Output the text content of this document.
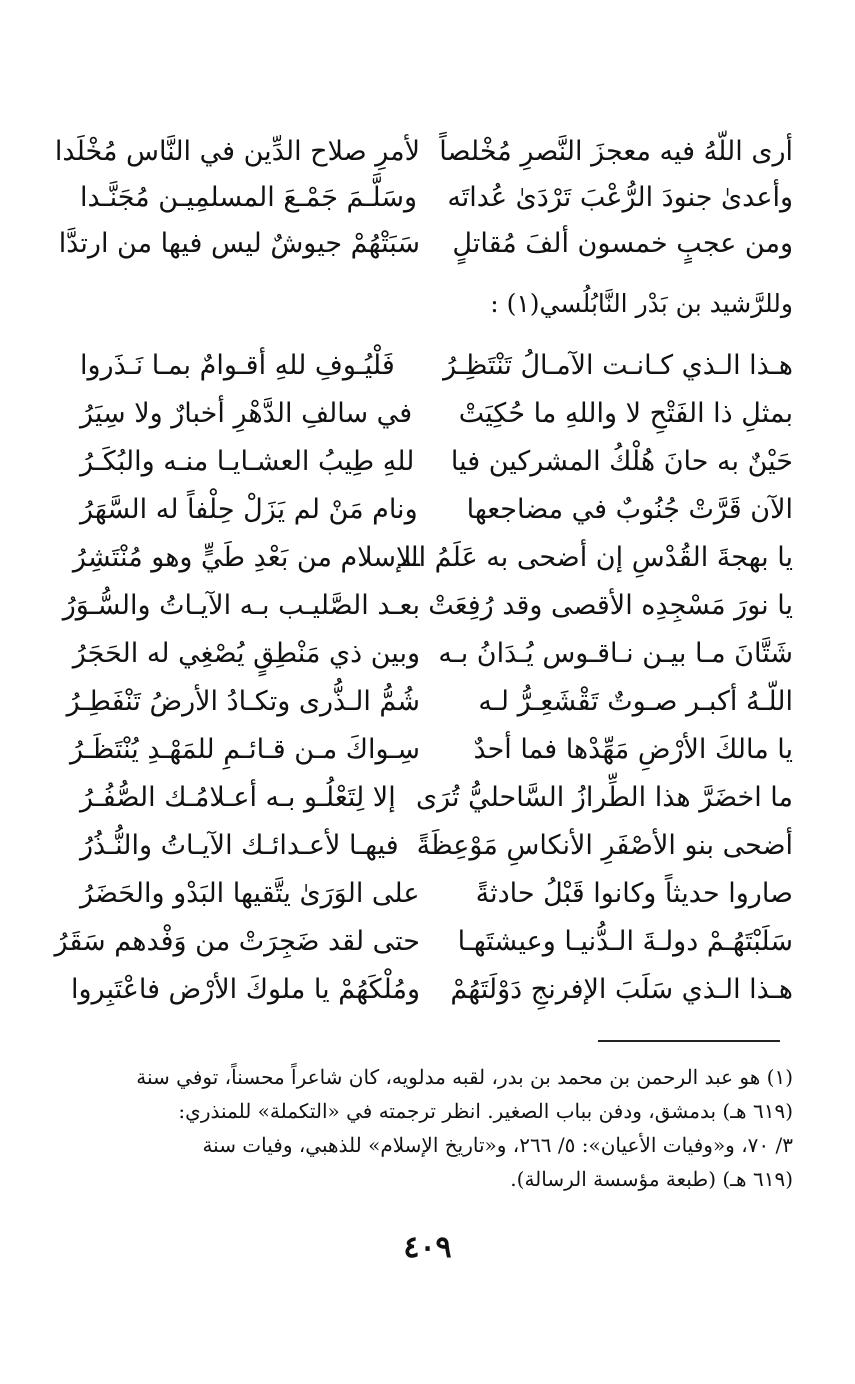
أرى اللّهُ فيه معجزَ النَّصرِ مُخْلصاً
لأمرِ صلاح الدِّين في النَّاس مُخْلَدا
وأعدىٰ جنودَ الرُّعْبَ تَرْدَىٰ عُداتَه
وسَلَّـمَ جَمْـعَ المسلمِيـن مُجَنَّـدا
ومن عجبٍ خمسون ألفَ مُقاتلٍ
سَبَتْهُمْ جيوشٌ ليس فيها من ارتدَّا
وللرَّشيد بن بَدْر النَّابُلُسي(١) :
هـذا الـذي كـانـت الآمـالُ تَنْتَظِـرُ
فَلْيُـوفِ للهِ أقـوامٌ بمـا نَـذَروا
بمثلِ ذا الفَتْحِ لا واللهِ ما حُكِيَتْ
في سالفِ الدَّهْرِ أخبارٌ ولا سِيَرُ
حَيْنٌ به حانَ هُلْكُ المشركين فيا
للهِ طِيبُ العشـايـا منـه والبُكَـرُ
الآن قَرَّتْ جُنُوبٌ في مضاجعها
ونام مَنْ لم يَزَلْ حِلْفاً له السَّهَرُ
يا بهجةَ القُدْسِ إن أضحى به عَلَمُ الـ
ـلإسلام من بَعْدِ طَيٍّ وهو مُنْتَشِرُ
يا نورَ مَسْجِدِه الأقصى وقد رُفِعَتْ
بعـد الصَّليـب بـه الآيـاتُ والسُّـوَرُ
شَتَّانَ مـا بيـن نـاقـوس يُـدَانُ بـه
وبين ذي مَنْطِقٍ يُصْغِي له الحَجَرُ
اللّـهُ أكبـر صـوتٌ تَقْشَعِـرُّ لـه
شُمُّ الـذُّرى وتكـادُ الأرضُ تَنْفَطِـرُ
يا مالكَ الأرْضِ مَهِّدْها فما أحدٌ
سِـواكَ مـن قـائـمِ للمَهْـدِ يُنْتَظَـرُ
ما اخضَرَّ هذا الطِّرازُ السَّاحليُّ تُرَى
إلا لِتَعْلُـو بـه أعـلامُـك الصُّفُـرُ
أضحى بنو الأصْفَرِ الأنكاسِ مَوْعِظَةً
فيهـا لأعـدائـك الآيـاتُ والنُّـذُرُ
صاروا حديثاً وكانوا قَبْلُ حادثةً
على الوَرَىٰ يتَّقيها البَدْو والحَضَرُ
سَلَبْتَهُـمْ دولـةَ الـدُّنيـا وعيشتَهـا
حتى لقد ضَجِرَتْ من وَفْدهم سَقَرُ
هـذا الـذي سَلَبَ الإفرنجِ دَوْلَتَهُمْ
ومُلْكَهُمْ يا ملوكَ الأرْض فاعْتَبِروا
(١) هو عبد الرحمن بن محمد بن بدر، لقبه مدلويه، كان شاعراً محسناً، توفي سنة
(٦١٩ هـ) بدمشق، ودفن بباب الصغير. انظر ترجمته في «التكملة» للمنذري:
٣/ ٧٠، و«وفيات الأعيان»: ٥/ ٢٦٦، و«تاريخ الإسلام» للذهبي، وفيات سنة
(٦١٩ هـ) (طبعة مؤسسة الرسالة).
٤٠٩
